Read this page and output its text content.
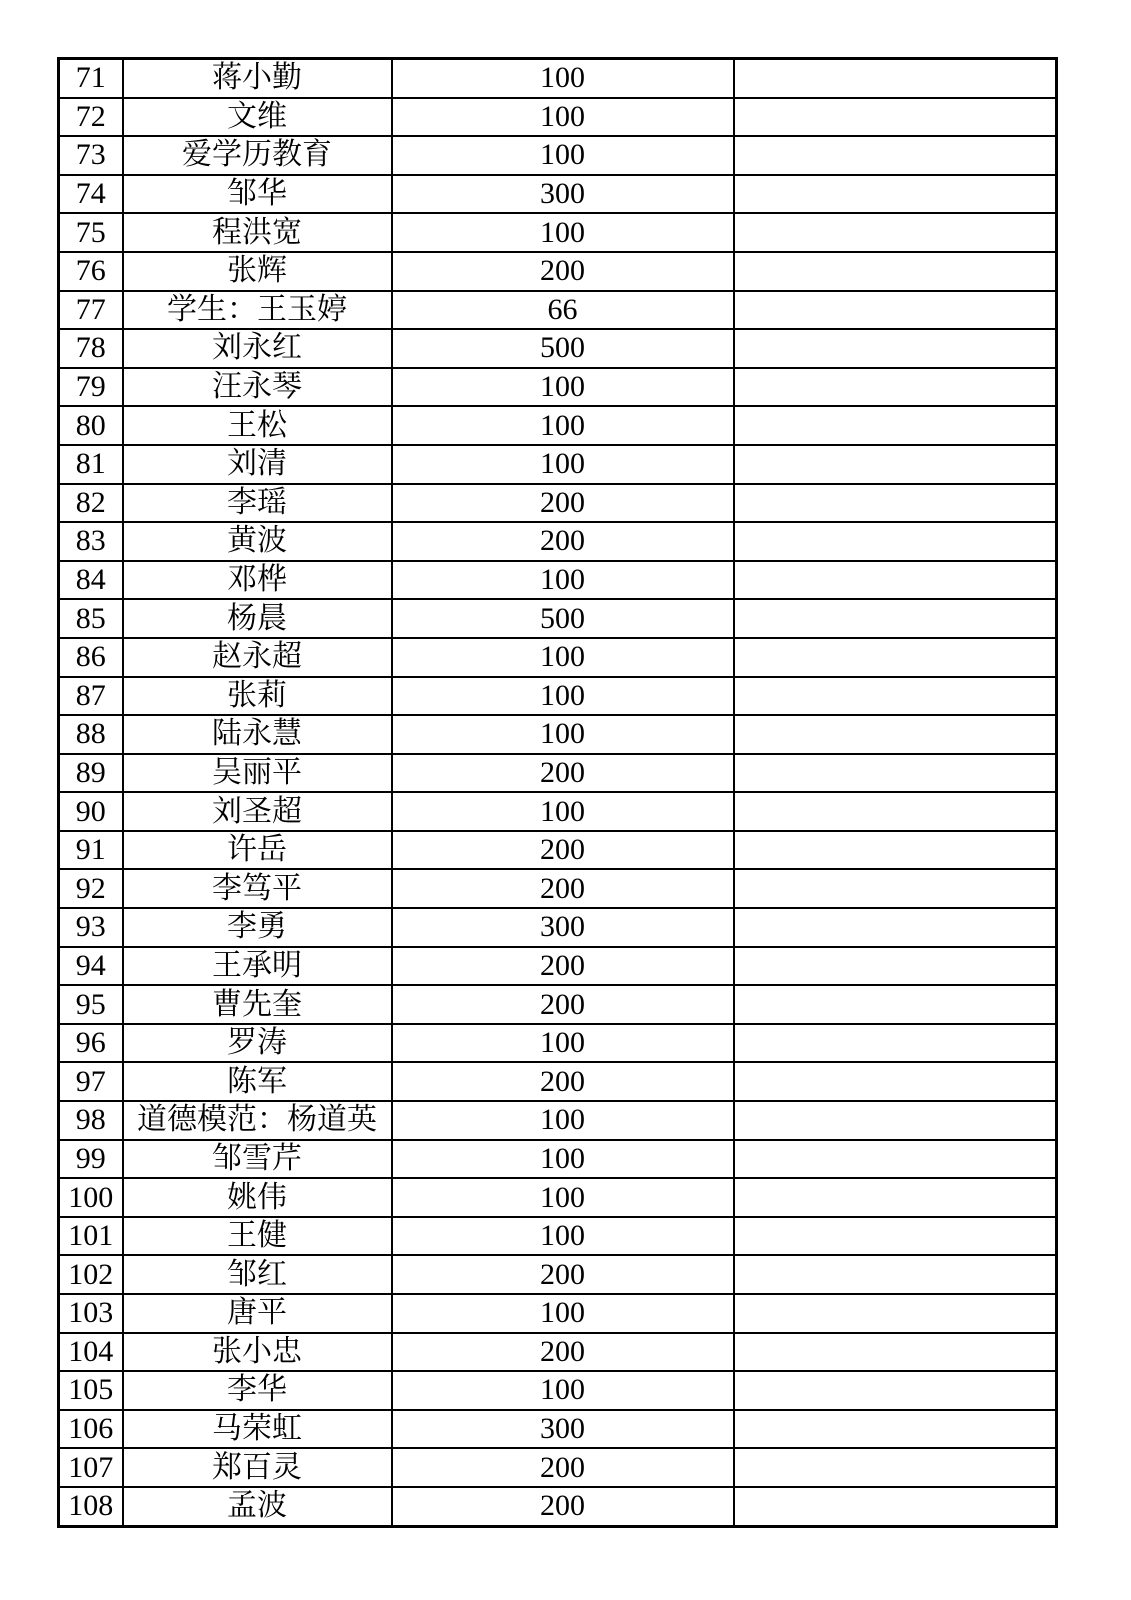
71	蒋小勤	100	
72	文维	100	
73	爱学历教育	100	
74	邹华	300	
75	程洪宽	100	
76	张辉	200	
77	学生：王玉婷	66	
78	刘永红	500	
79	汪永琴	100	
80	王松	100	
81	刘清	100	
82	李瑶	200	
83	黄波	200	
84	邓桦	100	
85	杨晨	500	
86	赵永超	100	
87	张莉	100	
88	陆永慧	100	
89	吴丽平	200	
90	刘圣超	100	
91	许岳	200	
92	李笃平	200	
93	李勇	300	
94	王承明	200	
95	曹先奎	200	
96	罗涛	100	
97	陈军	200	
98	道德模范：杨道英	100	
99	邹雪芹	100	
100	姚伟	100	
101	王健	100	
102	邹红	200	
103	唐平	100	
104	张小忠	200	
105	李华	100	
106	马荣虹	300	
107	郑百灵	200	
108	孟波	200	
